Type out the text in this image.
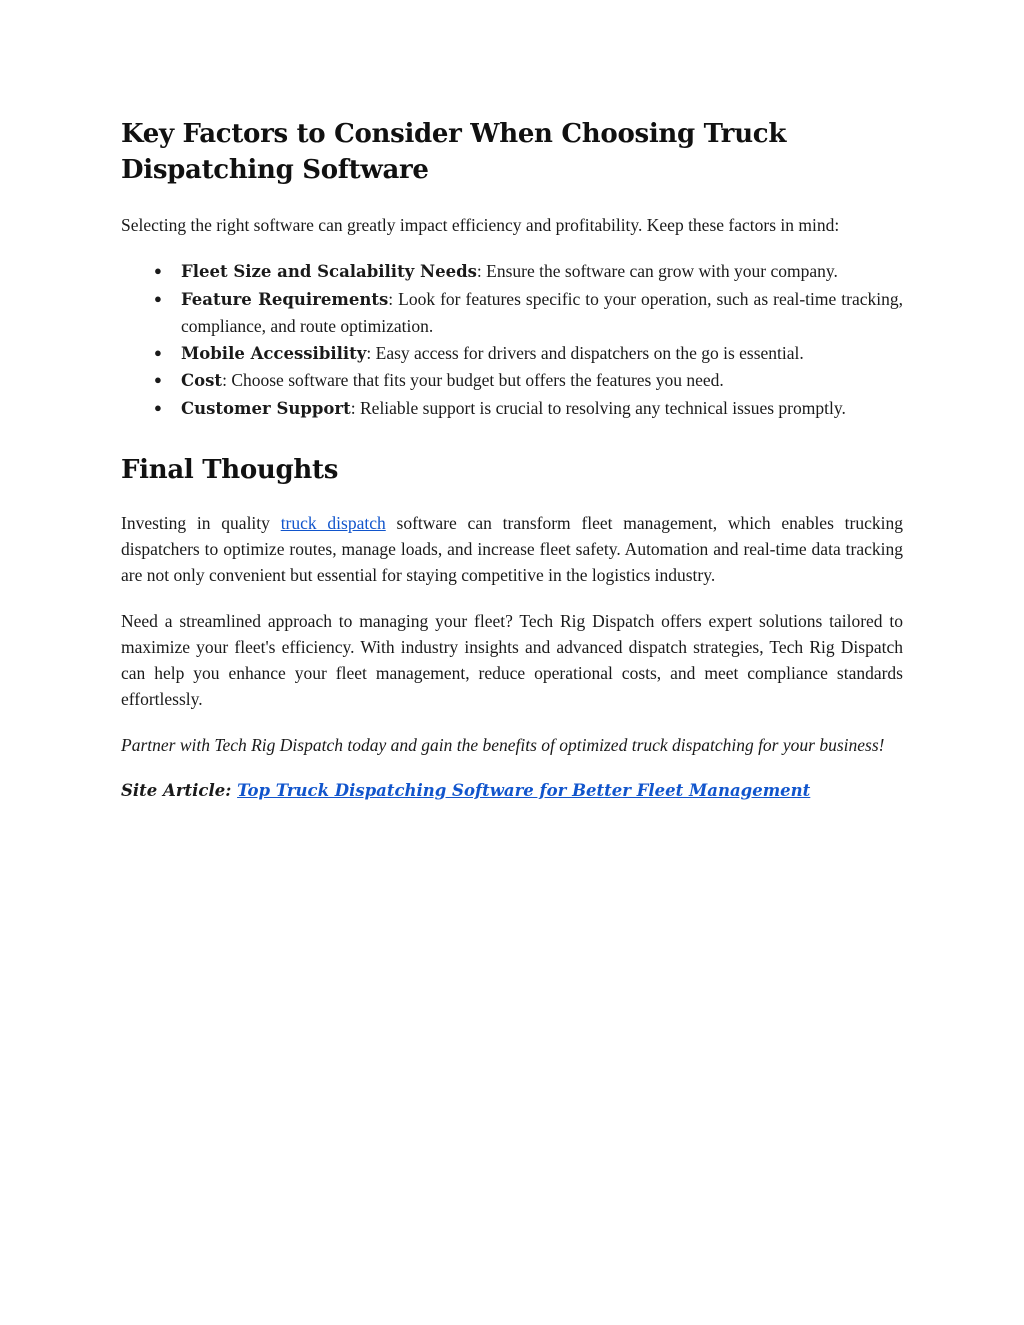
Key Factors to Consider When Choosing Truck Dispatching Software

Selecting the right software can greatly impact efficiency and profitability. Keep these factors in mind:

● Fleet Size and Scalability Needs: Ensure the software can grow with your company.
● Feature Requirements: Look for features specific to your operation, such as real-time tracking, compliance, and route optimization.
● Mobile Accessibility: Easy access for drivers and dispatchers on the go is essential.
● Cost: Choose software that fits your budget but offers the features you need.
● Customer Support: Reliable support is crucial to resolving any technical issues promptly.
Final Thoughts

Investing in quality truck dispatch software can transform fleet management, which enables trucking dispatchers to optimize routes, manage loads, and increase fleet safety. Automation and real-time data tracking are not only convenient but essential for staying competitive in the logistics industry.

Need a streamlined approach to managing your fleet? Tech Rig Dispatch offers expert solutions tailored to maximize your fleet's efficiency. With industry insights and advanced dispatch strategies, Tech Rig Dispatch can help you enhance your fleet management, reduce operational costs, and meet compliance standards effortlessly.

Partner with Tech Rig Dispatch today and gain the benefits of optimized truck dispatching for your business!

Site Article: Top Truck Dispatching Software for Better Fleet Management
